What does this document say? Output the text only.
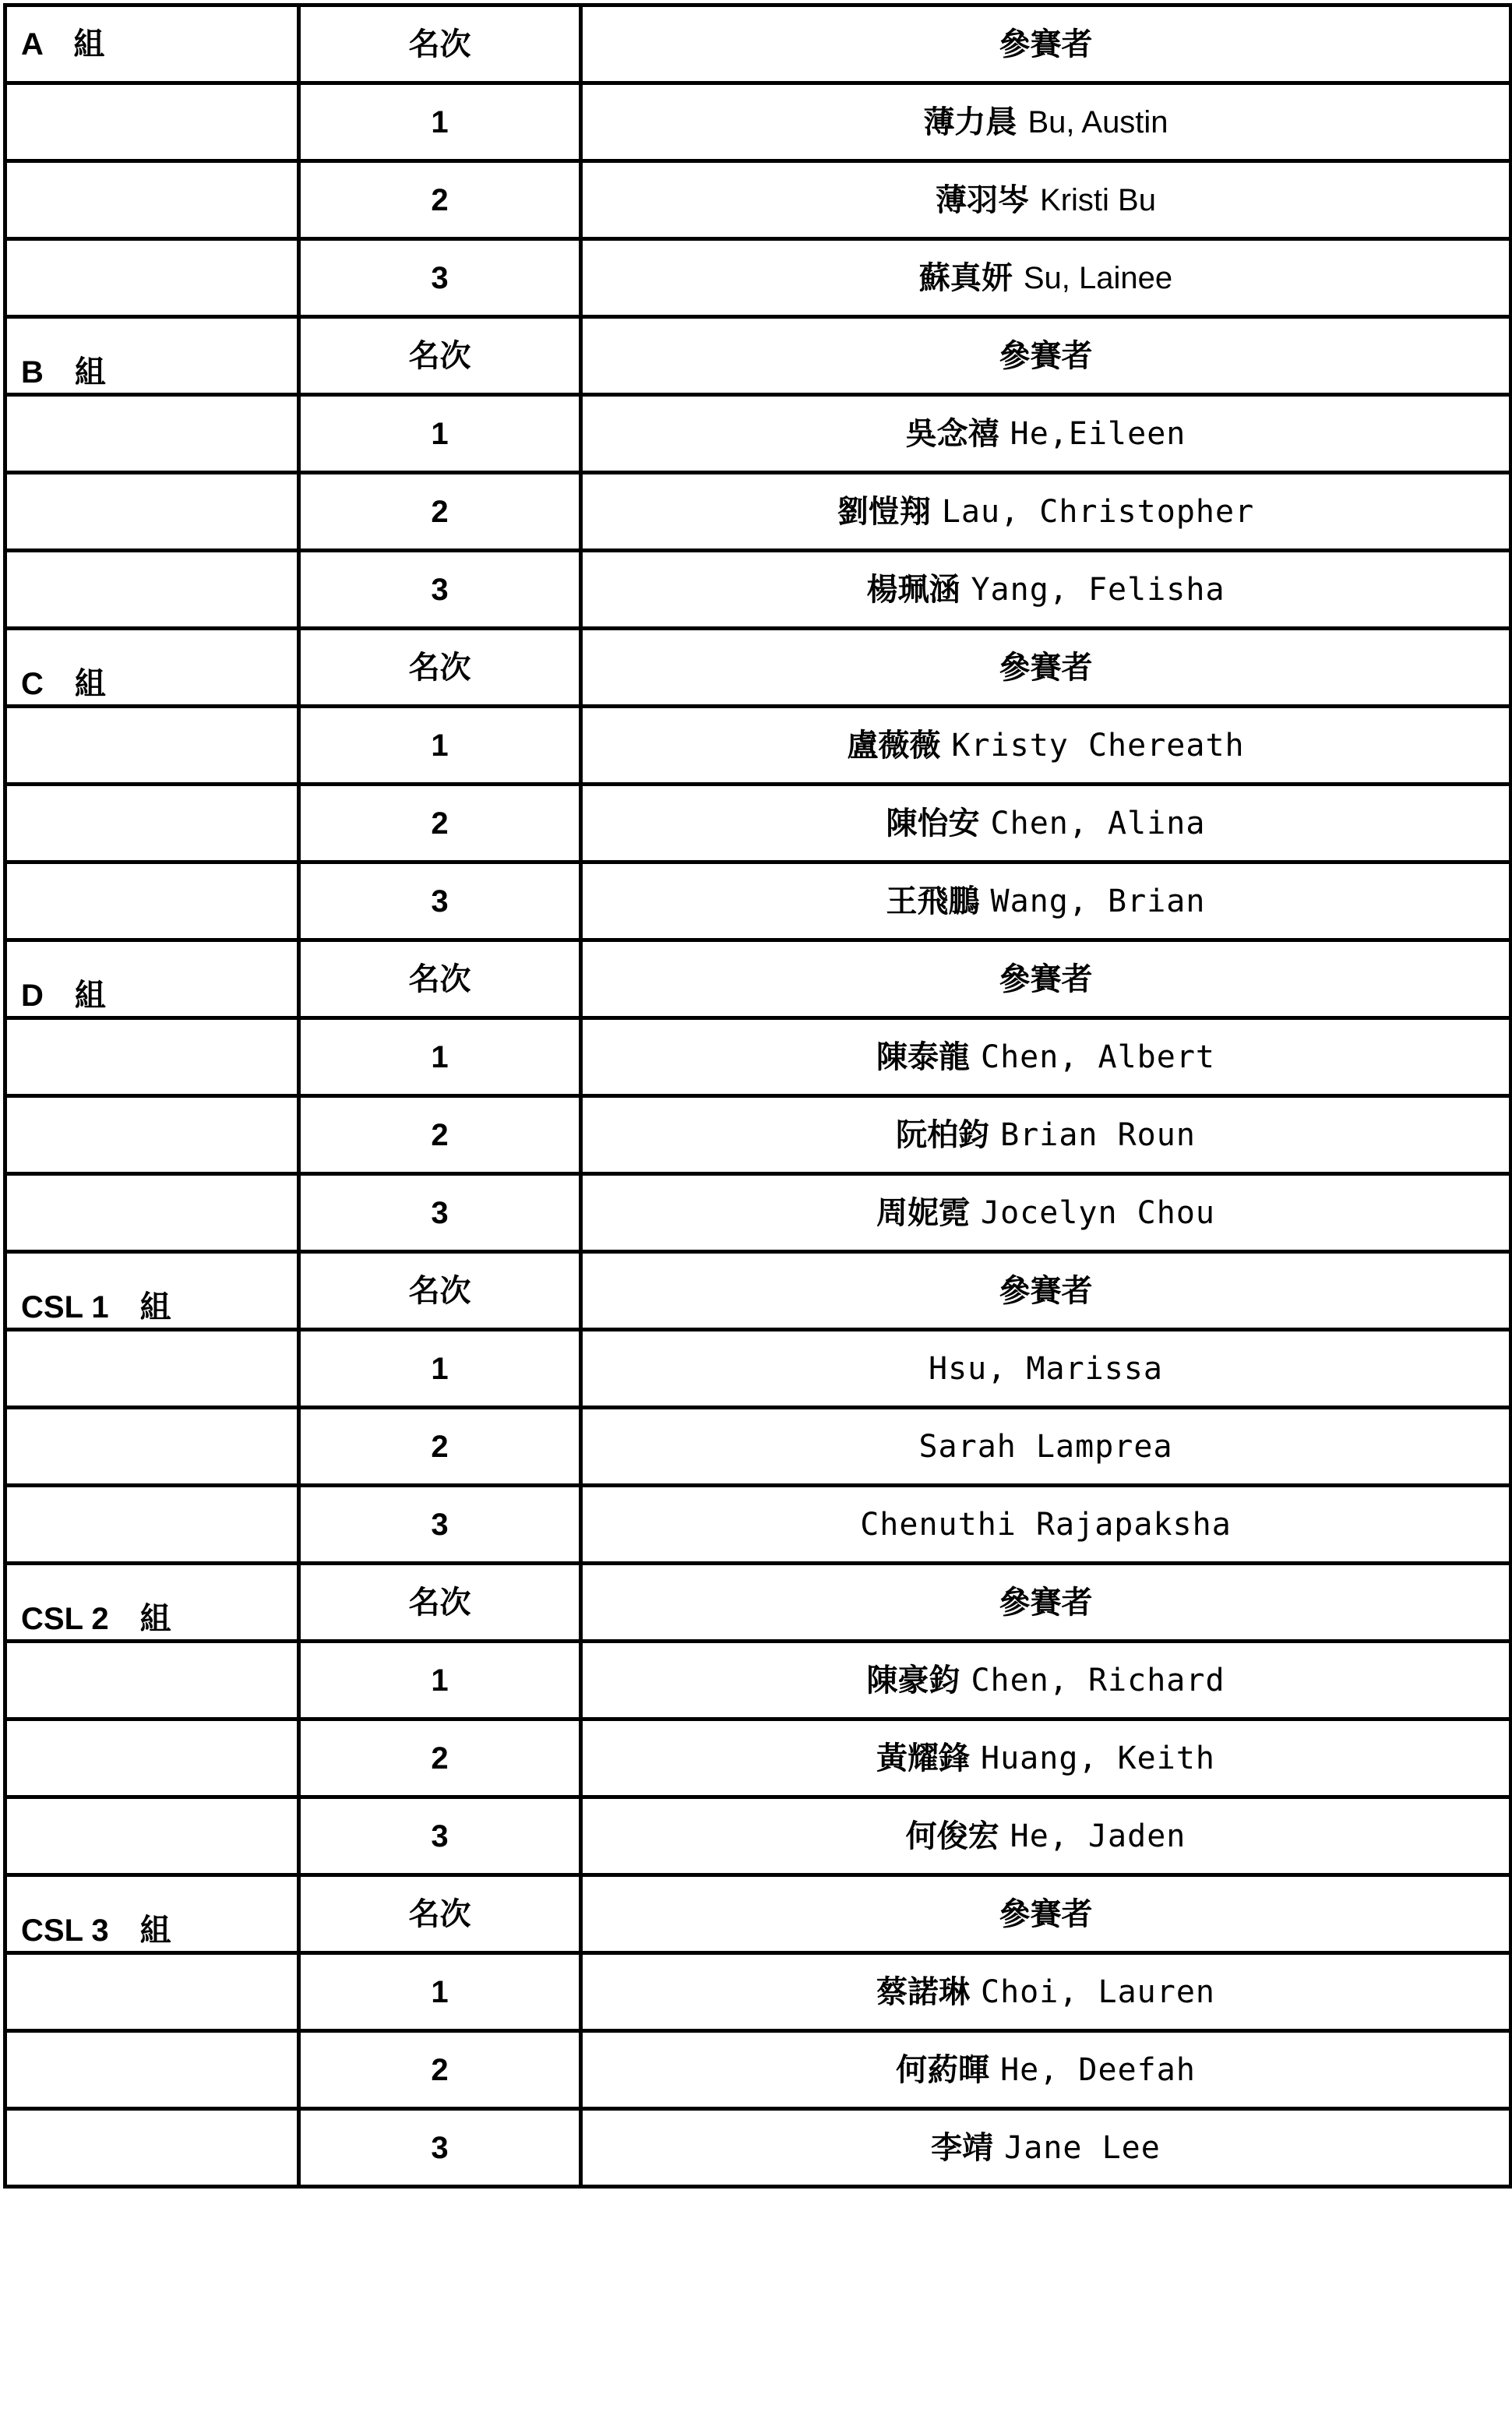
A　組	名次	參賽者
	1	薄力晨 Bu, Austin
	2	薄羽岑 Kristi Bu
	3	蘇真妍 Su, Lainee
B　組	名次	參賽者
	1	吳念禧 He,Eileen
	2	劉愷翔 Lau, Christopher
	3	楊珮涵 Yang, Felisha
C　組	名次	參賽者
	1	盧薇薇 Kristy Chereath
	2	陳怡安 Chen, Alina
	3	王飛鵬 Wang, Brian
D　組	名次	參賽者
	1	陳泰龍 Chen, Albert
	2	阮柏鈞 Brian Roun
	3	周妮霓 Jocelyn Chou
CSL 1　組	名次	參賽者
	1	Hsu, Marissa
	2	Sarah Lamprea
	3	Chenuthi Rajapaksha
CSL 2　組	名次	參賽者
	1	陳豪鈞 Chen, Richard
	2	黃耀鋒 Huang, Keith
	3	何俊宏 He, Jaden
CSL 3　組	名次	參賽者
	1	蔡諾琳 Choi, Lauren
	2	何葯暉 He, Deefah
	3	李靖 Jane Lee
